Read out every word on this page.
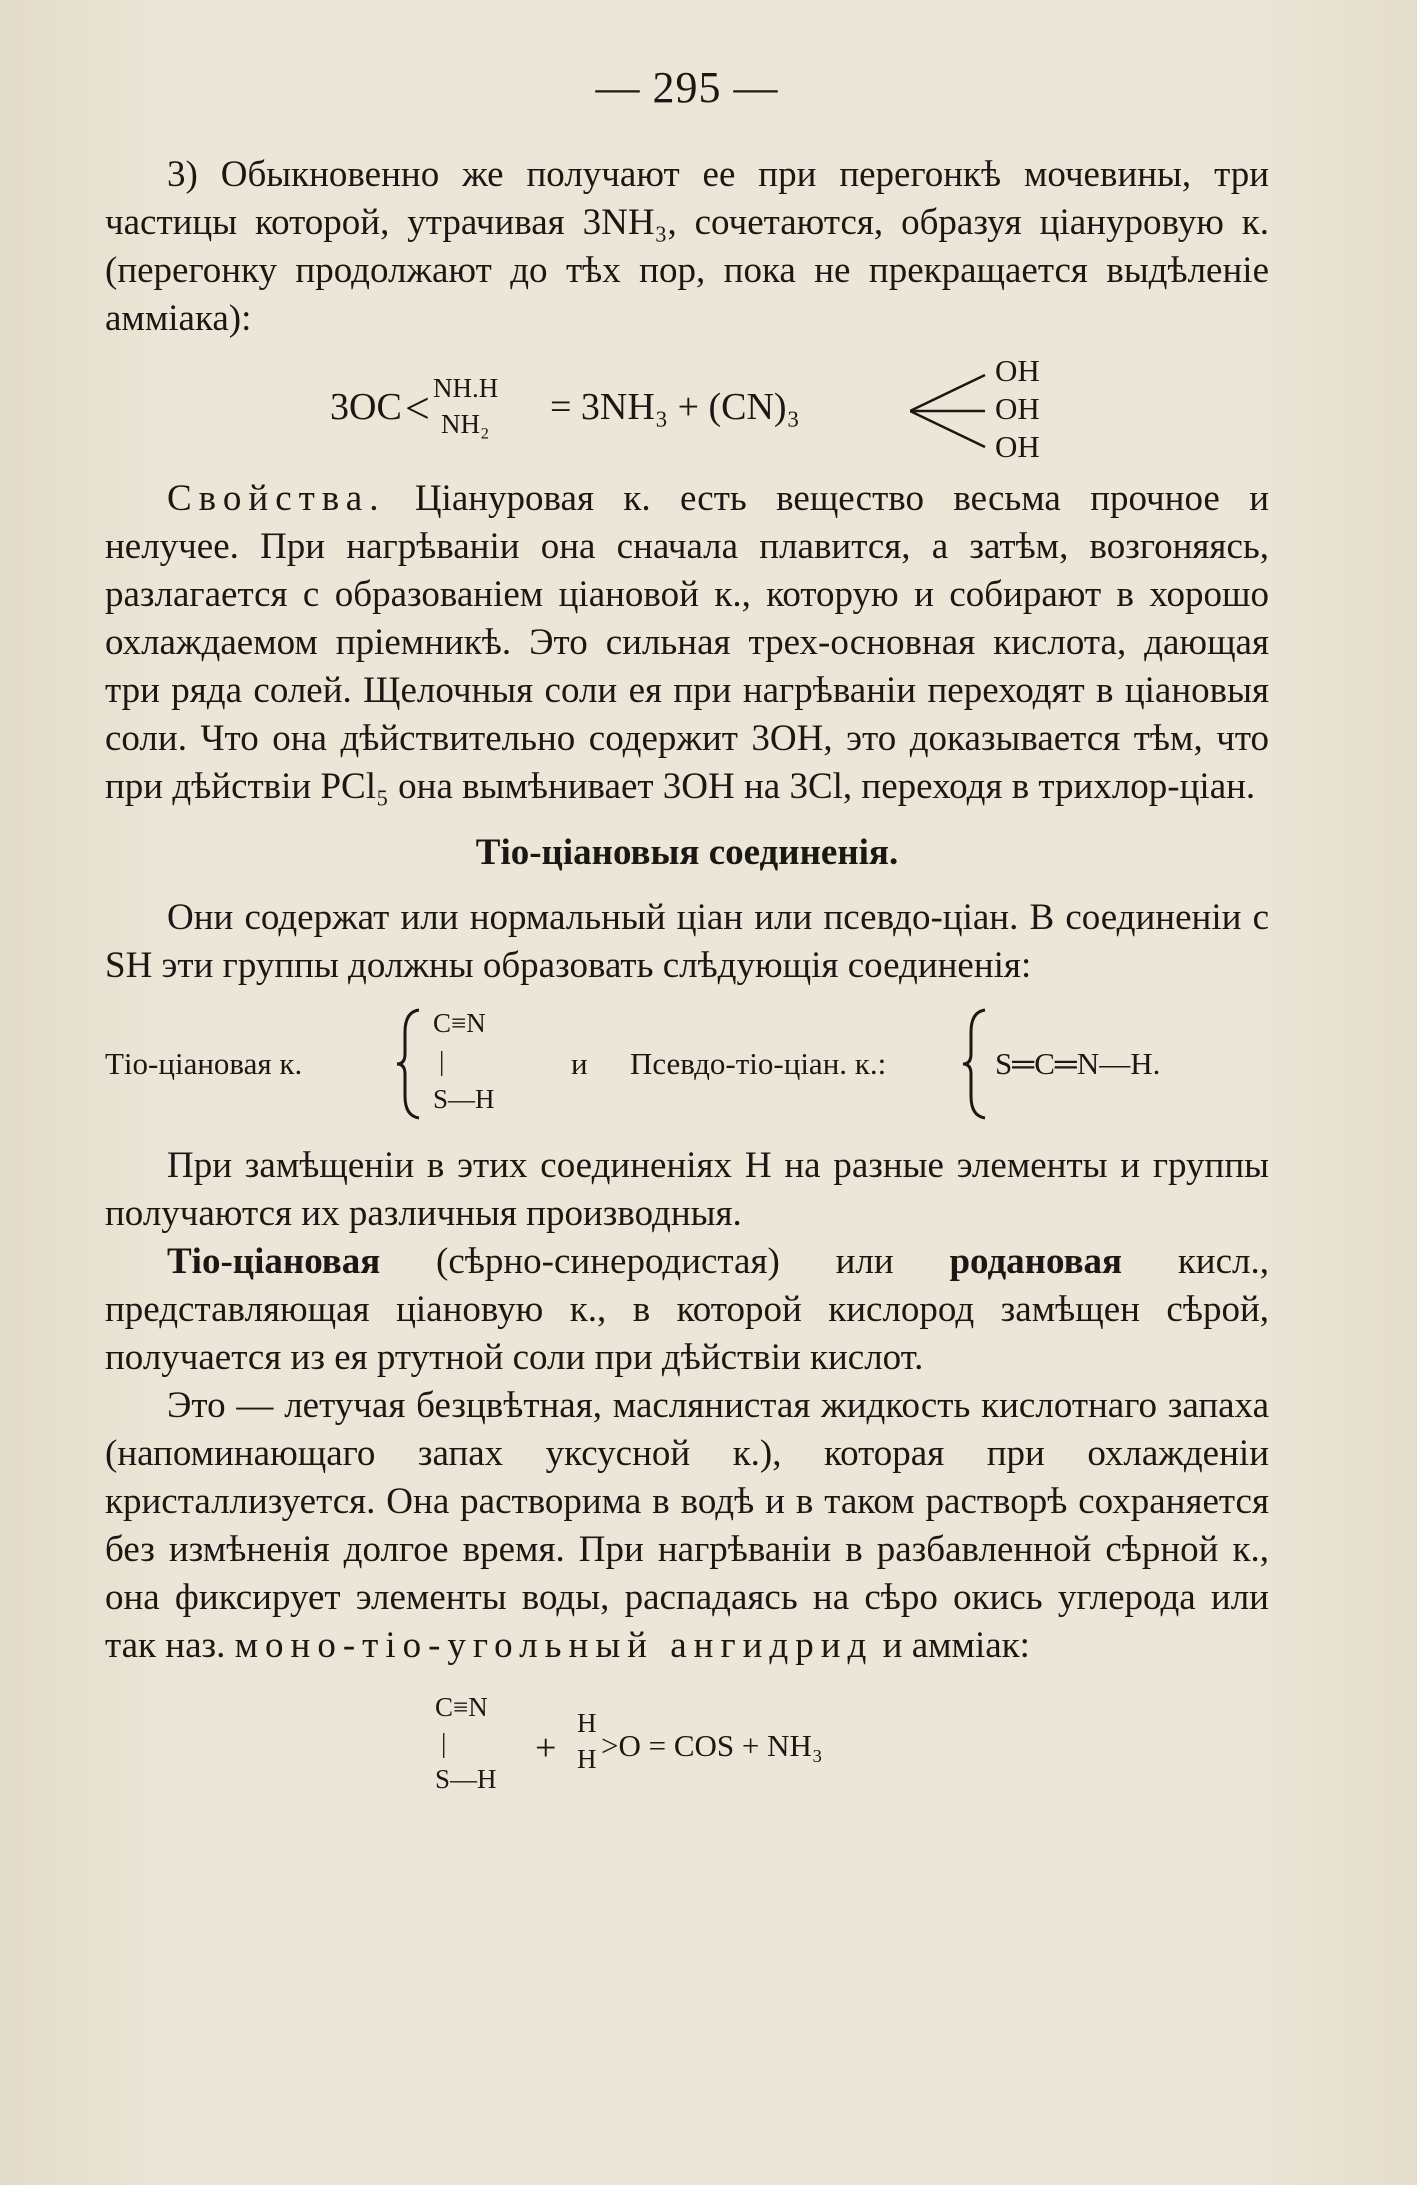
— 295 —

3) Обыкновенно же получают ее при перегонкѣ мочевины, три частицы которой, утрачивая 3NH₃, сочетаются, образуя ціануровую к. (перегонку продолжают до тѣх пор, пока не прекращается выдѣленіе амміака):

3OC < NH.H
NH₂ = 3NH₃ + (CN)₃
OH
OH
OH

Свойства. Ціануровая к. есть вещество весьма прочное и нелучее. При нагрѣваніи она сначала плавится, а затѣм, возгоняясь, разлагается с образованіем ціановой к., которую и собирают в хорошо охлаждаемом пріемникѣ. Это сильная трех-основная кислота, дающая три ряда солей. Щелочныя соли ея при нагрѣваніи переходят в ціановыя соли. Что она дѣйствительно содержит 3OH, это доказывается тѣм, что при дѣйствіи PCl₅ она вымѣнивает 3OH на 3Cl, переходя в трихлор-ціан.

Тіо-ціановыя соединенія.

Они содержат или нормальный ціан или псевдо-ціан. В соединеніи с SH эти группы должны образовать слѣдующія соединенія:

Тіо-ціановая к.
C≡N
|
S—H
и Псевдо-тіо-ціан. к.:	S═C═N—H.

При замѣщеніи в этих соединеніях H на разные элементы и группы получаются их различныя производныя.

Тіо-ціановая (сѣрно-синеродистая) или родановая кисл., представляющая ціановую к., в которой кислород замѣщен сѣрой, получается из ея ртутной соли при дѣйствіи кислот.

Это — летучая безцвѣтная, маслянистая жидкость кислотнаго запаха (напоминающаго запах уксусной к.), которая при охлажденіи кристаллизуется. Она растворима в водѣ и в таком растворѣ сохраняется без измѣненія долгое время. При нагрѣваніи в разбавленной сѣрной к., она фиксирует элементы воды, распадаясь на сѣро окись углерода или так наз. моно-тіо-угольный ангидрид и амміак:

C≡N
|
S—H
+
H
H >O = COS + NH₃
